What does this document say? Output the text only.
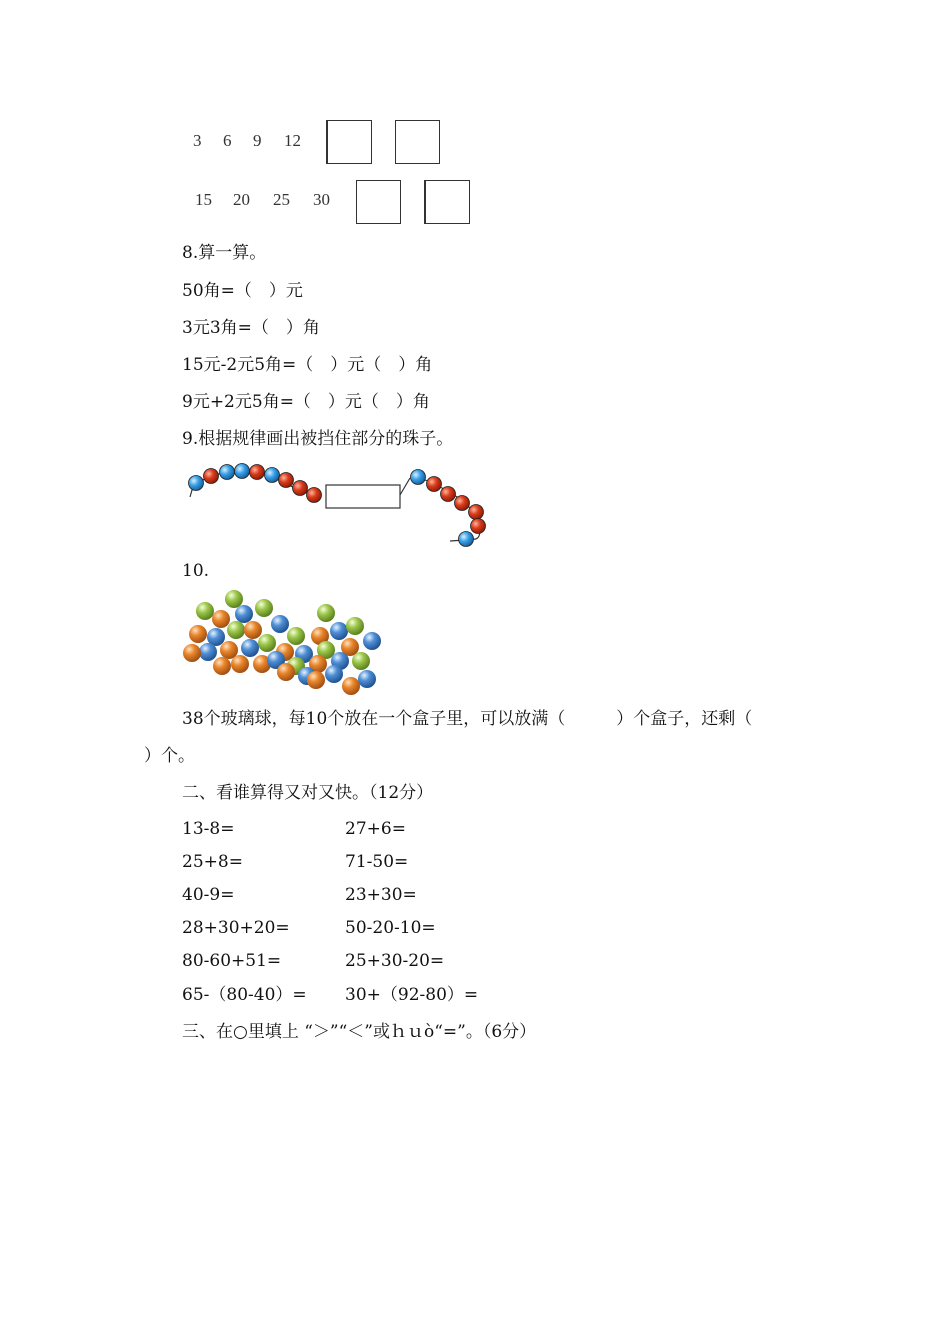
3 6 9 12
15 20 25 30
8.算一算。
50角=（　）元
3元3角=（　）角
15元-2元5角=（　）元（　）角
9元+2元5角=（　）元（　）角
9.根据规律画出被挡住部分的珠子。
10.
38个玻璃球，每10个放在一个盒子里，可以放满（　　　）个盒子，还剩（
）个。
二、看谁算得又对又快。（12分）
13-8=	27+6=
25+8=	71-50=
40-9=	23+30=
28+30+20=	50-20-10=
80-60+51=	25+30-20=
65-（80-40）= 30+（92-80）=
三、在○里填上 “＞”“＜”或ｈｕò“=”。（6分）
